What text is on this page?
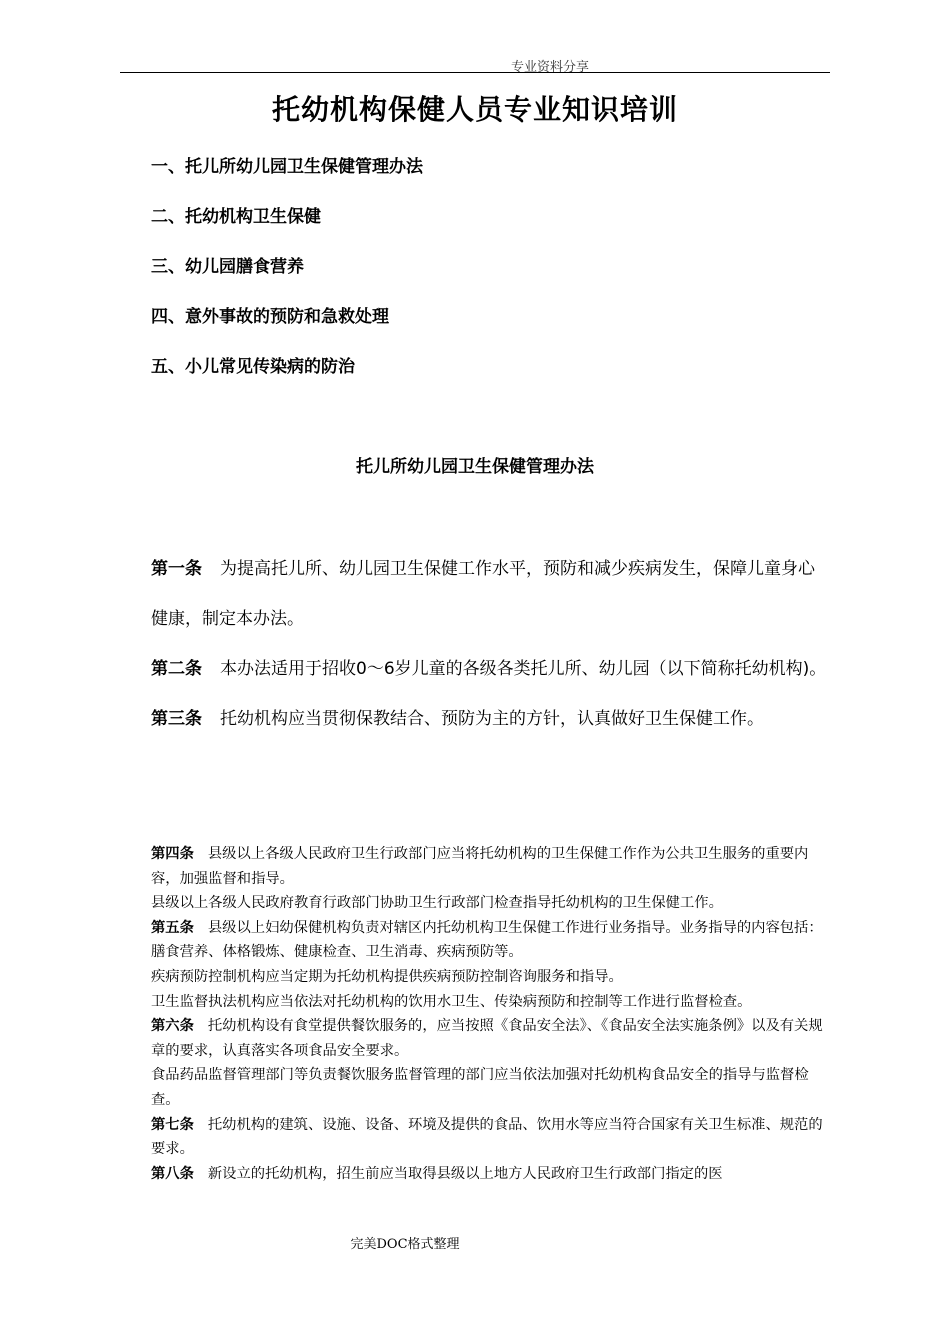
专业资料分享
托幼机构保健人员专业知识培训
一、托儿所幼儿园卫生保健管理办法
二、托幼机构卫生保健
三、幼儿园膳食营养
四、意外事故的预防和急救处理
五、小儿常见传染病的防治
托儿所幼儿园卫生保健管理办法

第一条 为提高托儿所、幼儿园卫生保健工作水平，预防和减少疾病发生，保障儿童身心健康，制定本办法。

第二条 本办法适用于招收0～6岁儿童的各级各类托儿所、幼儿园（以下简称托幼机构)。

第三条 托幼机构应当贯彻保教结合、预防为主的方针，认真做好卫生保健工作。

第四条 县级以上各级人民政府卫生行政部门应当将托幼机构的卫生保健工作作为公共卫生服务的重要内容，加强监督和指导。

县级以上各级人民政府教育行政部门协助卫生行政部门检查指导托幼机构的卫生保健工作。

第五条 县级以上妇幼保健机构负责对辖区内托幼机构卫生保健工作进行业务指导。业务指导的内容包括：膳食营养、体格锻炼、健康检查、卫生消毒、疾病预防等。

疾病预防控制机构应当定期为托幼机构提供疾病预防控制咨询服务和指导。

卫生监督执法机构应当依法对托幼机构的饮用水卫生、传染病预防和控制等工作进行监督检查。

第六条 托幼机构设有食堂提供餐饮服务的，应当按照《食品安全法》、《食品安全法实施条例》以及有关规章的要求，认真落实各项食品安全要求。

食品药品监督管理部门等负责餐饮服务监督管理的部门应当依法加强对托幼机构食品安全的指导与监督检查。

第七条 托幼机构的建筑、设施、设备、环境及提供的食品、饮用水等应当符合国家有关卫生标准、规范的要求。

第八条 新设立的托幼机构，招生前应当取得县级以上地方人民政府卫生行政部门指定的医

完美DOC格式整理
